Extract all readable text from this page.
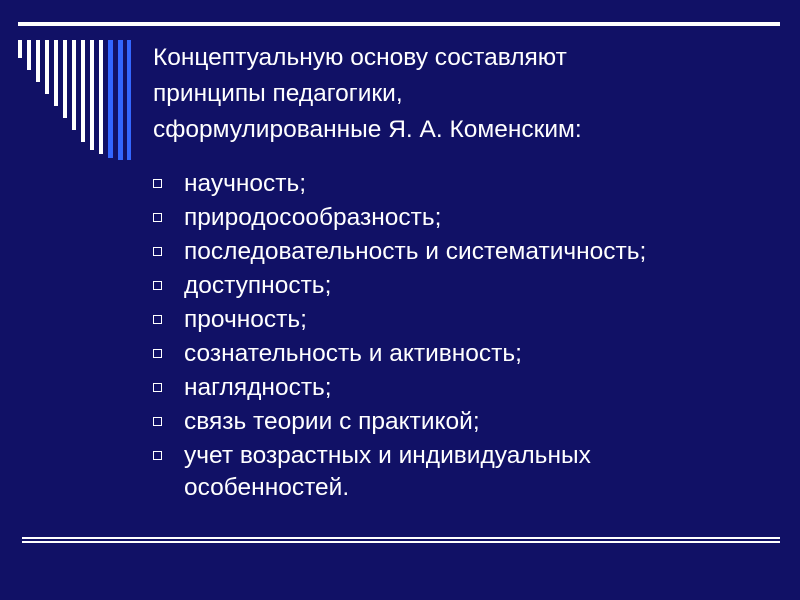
Концептуальную основу составляют
принципы педагогики,
сформулированные Я. А. Коменским:
научность;
природосообразность;
последовательность и систематичность;
доступность;
прочность;
сознательность и активность;
наглядность;
связь теории с практикой;
учет возрастных и индивидуальных особенностей.
